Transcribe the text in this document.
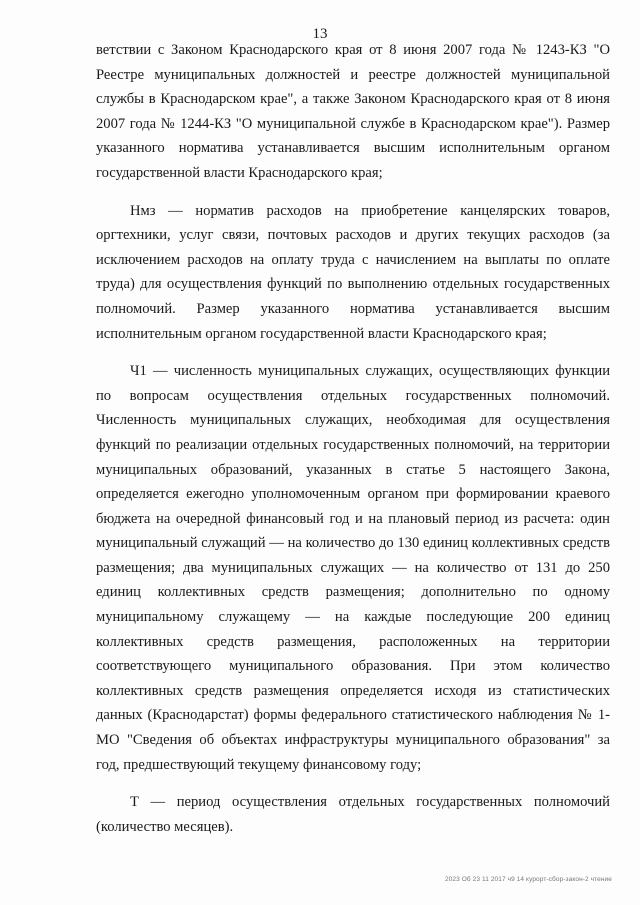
13

ветствии с Законом Краснодарского края от 8 июня 2007 года № 1243-КЗ "О Реестре муниципальных должностей и реестре должностей муниципальной службы в Краснодарском крае", а также Законом Краснодарского края от 8 июня 2007 года № 1244-КЗ "О муниципальной службе в Краснодарском крае"). Размер указанного норматива устанавливается высшим исполнительным органом государственной власти Краснодарского края;

Нмз — норматив расходов на приобретение канцелярских товаров, оргтехники, услуг связи, почтовых расходов и других текущих расходов (за исключением расходов на оплату труда с начислением на выплаты по оплате труда) для осуществления функций по выполнению отдельных государственных полномочий. Размер указанного норматива устанавливается высшим исполнительным органом государственной власти Краснодарского края;

Ч1 — численность муниципальных служащих, осуществляющих функции по вопросам осуществления отдельных государственных полномочий. Численность муниципальных служащих, необходимая для осуществления функций по реализации отдельных государственных полномочий, на территории муниципальных образований, указанных в статье 5 настоящего Закона, определяется ежегодно уполномоченным органом при формировании краевого бюджета на очередной финансовый год и на плановый период из расчета: один муниципальный служащий — на количество до 130 единиц коллективных средств размещения; два муниципальных служащих — на количество от 131 до 250 единиц коллективных средств размещения; дополнительно по одному муниципальному служащему — на каждые последующие 200 единиц коллективных средств размещения, расположенных на территории соответствующего муниципального образования. При этом количество коллективных средств размещения определяется исходя из статистических данных (Краснодарстат) формы федерального статистического наблюдения № 1-МО "Сведения об объектах инфраструктуры муниципального образования" за год, предшествующий текущему финансовому году;

Т — период осуществления отдельных государственных полномочий (количество месяцев).

2023 Об 23 11 2017 ч9 14 курорт-сбор-закон-2 чтение
